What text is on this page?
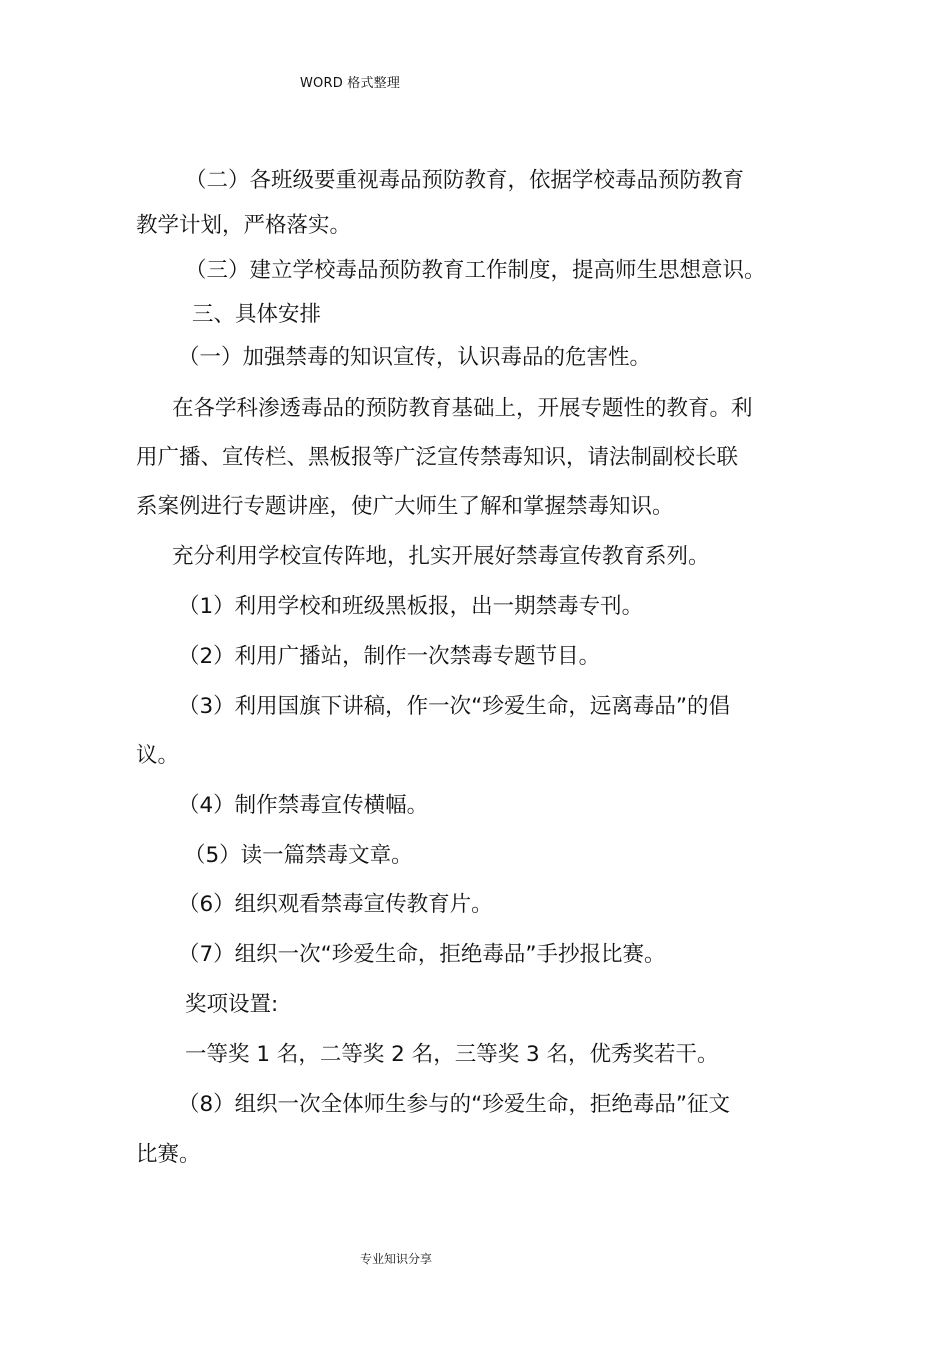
WORD 格式整理
（二）各班级要重视毒品预防教育，依据学校毒品预防教育
教学计划，严格落实。
（三）建立学校毒品预防教育工作制度，提高师生思想意识。
三、具体安排
（一）加强禁毒的知识宣传，认识毒品的危害性。
在各学科渗透毒品的预防教育基础上，开展专题性的教育。利
用广播、宣传栏、黑板报等广泛宣传禁毒知识，请法制副校长联
系案例进行专题讲座，使广大师生了解和掌握禁毒知识。
充分利用学校宣传阵地，扎实开展好禁毒宣传教育系列。
（1）利用学校和班级黑板报，出一期禁毒专刊。
（2）利用广播站，制作一次禁毒专题节目。
（3）利用国旗下讲稿，作一次“珍爱生命，远离毒品”的倡
议。
（4）制作禁毒宣传横幅。
（5）读一篇禁毒文章。
（6）组织观看禁毒宣传教育片。
（7）组织一次“珍爱生命，拒绝毒品”手抄报比赛。
奖项设置:
一等奖 1 名，二等奖 2 名，三等奖 3 名，优秀奖若干。
（8）组织一次全体师生参与的“珍爱生命，拒绝毒品”征文
比赛。
专业知识分享
